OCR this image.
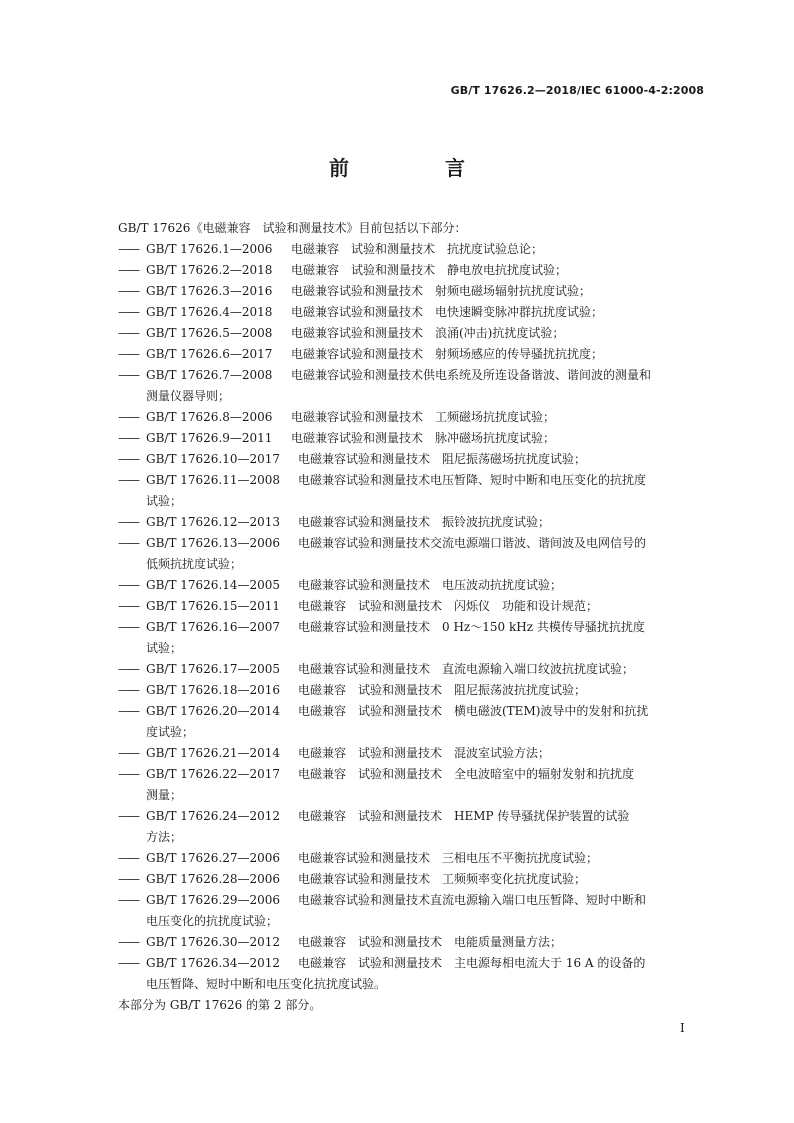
GB/T 17626.2—2018/IEC 61000-4-2:2008
前　言
GB/T 17626《电磁兼容　试验和测量技术》目前包括以下部分：
—— GB/T 17626.1—2006	电磁兼容　试验和测量技术　抗扰度试验总论；
—— GB/T 17626.2—2018	电磁兼容　试验和测量技术　静电放电抗扰度试验；
—— GB/T 17626.3—2016	电磁兼容试验和测量技术　射频电磁场辐射抗扰度试验；
—— GB/T 17626.4—2018	电磁兼容试验和测量技术　电快速瞬变脉冲群抗扰度试验；
—— GB/T 17626.5—2008	电磁兼容试验和测量技术　浪涌(冲击)抗扰度试验；
—— GB/T 17626.6—2017	电磁兼容试验和测量技术　射频场感应的传导骚扰抗扰度；
—— GB/T 17626.7—2008	电磁兼容试验和测量技术供电系统及所连设备谐波、谐间波的测量和
测量仪器导则；
—— GB/T 17626.8—2006	电磁兼容试验和测量技术　工频磁场抗扰度试验；
—— GB/T 17626.9—2011	电磁兼容试验和测量技术　脉冲磁场抗扰度试验；
—— GB/T 17626.10—2017	电磁兼容试验和测量技术　阻尼振荡磁场抗扰度试验；
—— GB/T 17626.11—2008	电磁兼容试验和测量技术电压暂降、短时中断和电压变化的抗扰度
试验；
—— GB/T 17626.12—2013	电磁兼容试验和测量技术　振铃波抗扰度试验；
—— GB/T 17626.13—2006	电磁兼容试验和测量技术交流电源端口谐波、谐间波及电网信号的
低频抗扰度试验；
—— GB/T 17626.14—2005	电磁兼容试验和测量技术　电压波动抗扰度试验；
—— GB/T 17626.15—2011	电磁兼容　试验和测量技术　闪烁仪　功能和设计规范；
—— GB/T 17626.16—2007	电磁兼容试验和测量技术　0 Hz～150 kHz 共模传导骚扰抗扰度
试验；
—— GB/T 17626.17—2005	电磁兼容试验和测量技术　直流电源输入端口纹波抗扰度试验；
—— GB/T 17626.18—2016	电磁兼容　试验和测量技术　阻尼振荡波抗扰度试验；
—— GB/T 17626.20—2014	电磁兼容　试验和测量技术　横电磁波(TEM)波导中的发射和抗扰
度试验；
—— GB/T 17626.21—2014	电磁兼容　试验和测量技术　混波室试验方法；
—— GB/T 17626.22—2017	电磁兼容　试验和测量技术　全电波暗室中的辐射发射和抗扰度
测量；
—— GB/T 17626.24—2012	电磁兼容　试验和测量技术　HEMP 传导骚扰保护装置的试验
方法；
—— GB/T 17626.27—2006	电磁兼容试验和测量技术　三相电压不平衡抗扰度试验；
—— GB/T 17626.28—2006	电磁兼容试验和测量技术　工频频率变化抗扰度试验；
—— GB/T 17626.29—2006	电磁兼容试验和测量技术直流电源输入端口电压暂降、短时中断和
电压变化的抗扰度试验；
—— GB/T 17626.30—2012	电磁兼容　试验和测量技术　电能质量测量方法；
—— GB/T 17626.34—2012	电磁兼容　试验和测量技术　主电源每相电流大于 16 A 的设备的
电压暂降、短时中断和电压变化抗扰度试验。
本部分为 GB/T 17626 的第 2 部分。
I
